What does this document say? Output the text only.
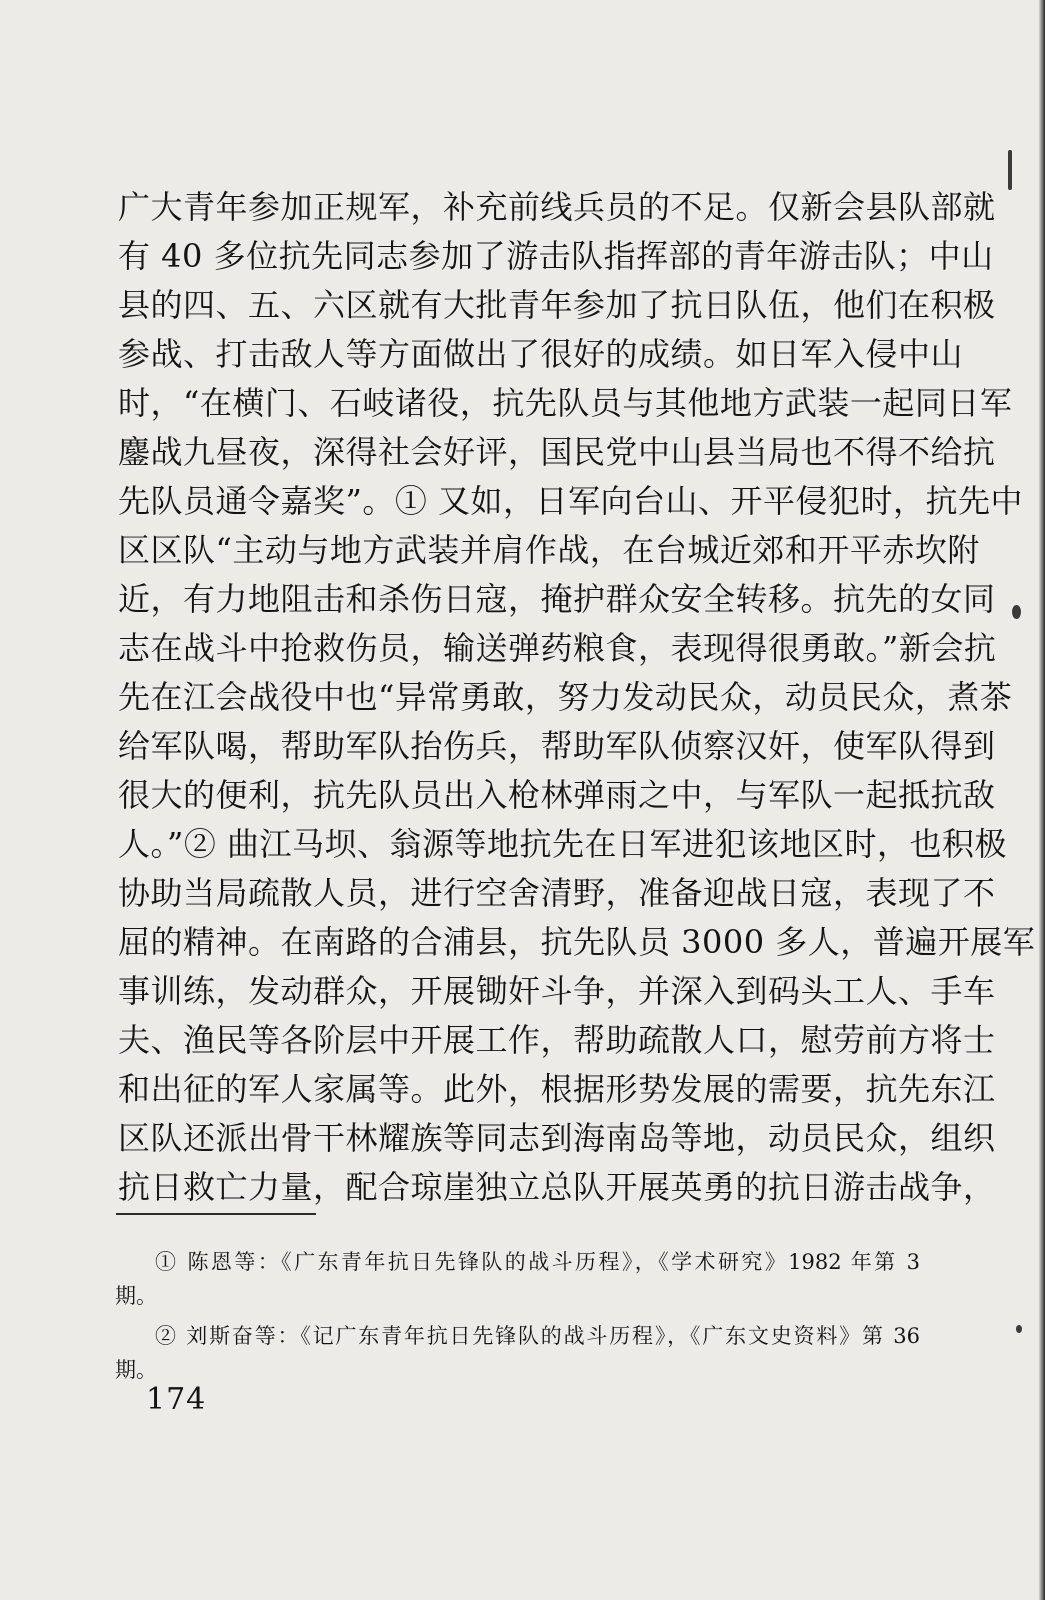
广大青年参加正规军，补充前线兵员的不足。仅新会县队部就
有 40 多位抗先同志参加了游击队指挥部的青年游击队；中山
县的四、五、六区就有大批青年参加了抗日队伍，他们在积极
参战、打击敌人等方面做出了很好的成绩。如日军入侵中山
时，“在横门、石岐诸役，抗先队员与其他地方武装一起同日军
鏖战九昼夜，深得社会好评，国民党中山县当局也不得不给抗
先队员通令嘉奖”。① 又如，日军向台山、开平侵犯时，抗先中
区区队“主动与地方武装并肩作战，在台城近郊和开平赤坎附
近，有力地阻击和杀伤日寇，掩护群众安全转移。抗先的女同
志在战斗中抢救伤员，输送弹药粮食，表现得很勇敢。”新会抗
先在江会战役中也“异常勇敢，努力发动民众，动员民众，煮茶
给军队喝，帮助军队抬伤兵，帮助军队侦察汉奸，使军队得到
很大的便利，抗先队员出入枪林弹雨之中，与军队一起抵抗敌
人。”② 曲江马坝、翁源等地抗先在日军进犯该地区时，也积极
协助当局疏散人员，进行空舍清野，准备迎战日寇，表现了不
屈的精神。在南路的合浦县，抗先队员 3000 多人，普遍开展军
事训练，发动群众，开展锄奸斗争，并深入到码头工人、手车
夫、渔民等各阶层中开展工作，帮助疏散人口，慰劳前方将士
和出征的军人家属等。此外，根据形势发展的需要，抗先东江
区队还派出骨干林耀族等同志到海南岛等地，动员民众，组织
抗日救亡力量，配合琼崖独立总队开展英勇的抗日游击战争，
① 陈恩等：《广东青年抗日先锋队的战斗历程》，《学术研究》1982 年第 3
期。
② 刘斯奋等：《记广东青年抗日先锋队的战斗历程》，《广东文史资料》第 36
期。
174
